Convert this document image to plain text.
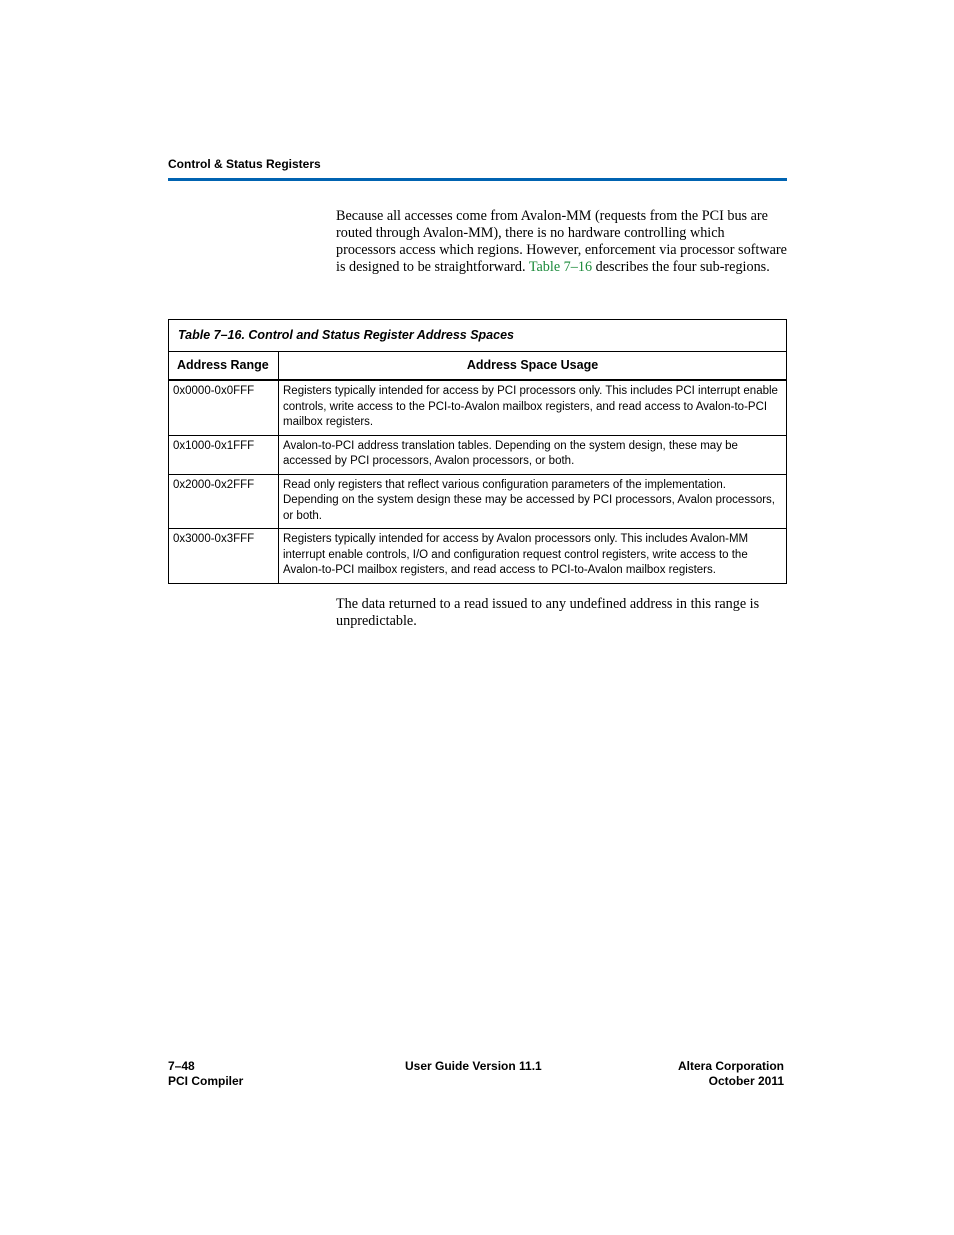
Control & Status Registers
Because all accesses come from Avalon-MM (requests from the PCI bus are routed through Avalon-MM), there is no hardware controlling which processors access which regions. However, enforcement via processor software is designed to be straightforward. Table 7–16 describes the four sub-regions.
Table 7–16. Control and Status Register Address Spaces	
Address Range	Address Space Usage
0x0000-0x0FFF	Registers typically intended for access by PCI processors only. This includes PCI interrupt enable controls, write access to the PCI-to-Avalon mailbox registers, and read access to Avalon-to-PCI mailbox registers.
0x1000-0x1FFF	Avalon-to-PCI address translation tables. Depending on the system design, these may be accessed by PCI processors, Avalon processors, or both.
0x2000-0x2FFF	Read only registers that reflect various configuration parameters of the implementation. Depending on the system design these may be accessed by PCI processors, Avalon processors, or both.
0x3000-0x3FFF	Registers typically intended for access by Avalon processors only. This includes Avalon-MM interrupt enable controls, I/O and configuration request control registers, write access to the Avalon-to-PCI mailbox registers, and read access to PCI-to-Avalon mailbox registers.
The data returned to a read issued to any undefined address in this range is unpredictable.
7–48
PCI Compiler
User Guide Version 11.1	Altera Corporation
October 2011
